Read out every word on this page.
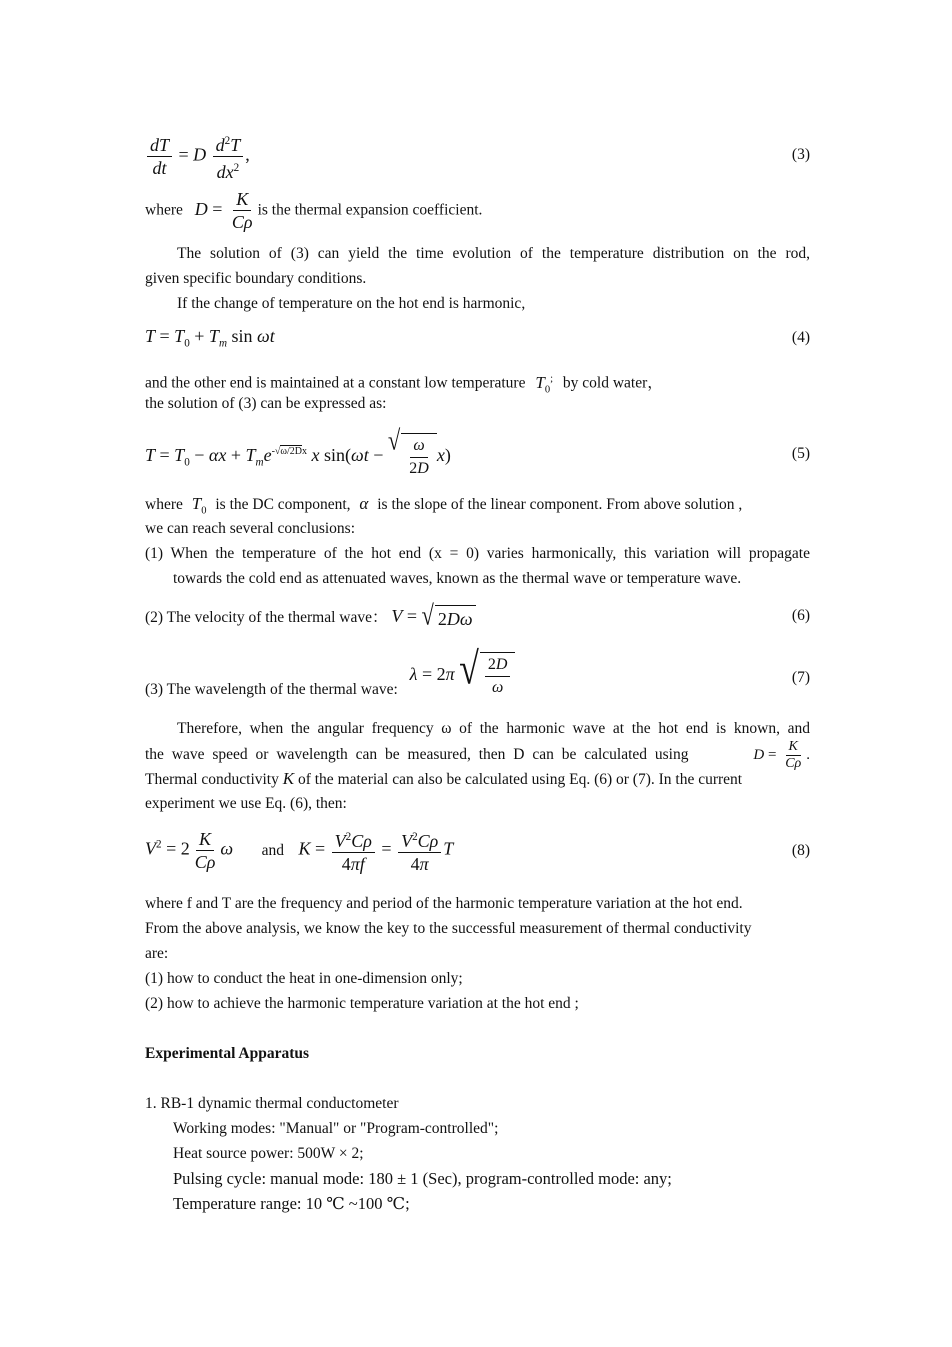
$\frac{dT}{dt} = D \frac{d^2T}{dx^2}$ ,	(3)
where $D = \frac{K}{C\rho}$ is the thermal expansion coefficient.
The solution of (3) can yield the time evolution of the temperature distribution on the rod,
given specific boundary conditions.
If the change of temperature on the hot end is harmonic,
$T = T_0 + T_m$ sin ωt	(4)
and the other end is maintained at a constant low temperature $T_0^;$ by cold water，
the solution of (3) can be expressed as:
$T = T_0 - \alpha x + T_me^{-√\omega/2Dx}$ x sin(ωt − √ $\frac{\omega}{2D} x$)	(5)
where $T_0$ is the DC component, α is the slope of the linear component. From above solution ,
we can reach several conclusions:
(1) When the temperature of the hot end (x = 0) varies harmonically, this variation will propagate
towards the cold end as attenuated waves, known as the thermal wave or temperature wave.
(2) The velocity of the thermal wave： V = √ 2Dω	(6)
(3) The wavelength of the thermal wave: λ = 2π √ $\frac{2D}{\omega}$	(7)
Therefore, when the angular frequency ω of the harmonic wave at the hot end is known, and
the wave speed or wavelength can be measured, then D can be calculated using	$D = \frac{K}{C\rho}$ .
Thermal conductivity K of the material can also be calculated using Eq. (6) or (7). In the current
experiment we use Eq. (6), then:
$V^2 = 2 \frac{K}{C\rho}$ ω and $K = \frac{V^2C\rho}{4\pi f} = \frac{V^2C\rho}{4\pi}$ T	(8)
where f and T are the frequency and period of the harmonic temperature variation at the hot end.
From the above analysis, we know the key to the successful measurement of thermal conductivity
are:
(1) how to conduct the heat in one-dimension only;
(2) how to achieve the harmonic temperature variation at the hot end ;
Experimental Apparatus
1. RB-1 dynamic thermal conductometer
Working modes: "Manual" or "Program-controlled";
Heat source power: 500W × 2;
Pulsing cycle: manual mode: 180 ± 1 (Sec), program-controlled mode: any;
Temperature range: 10 ℃ ~100 ℃;
